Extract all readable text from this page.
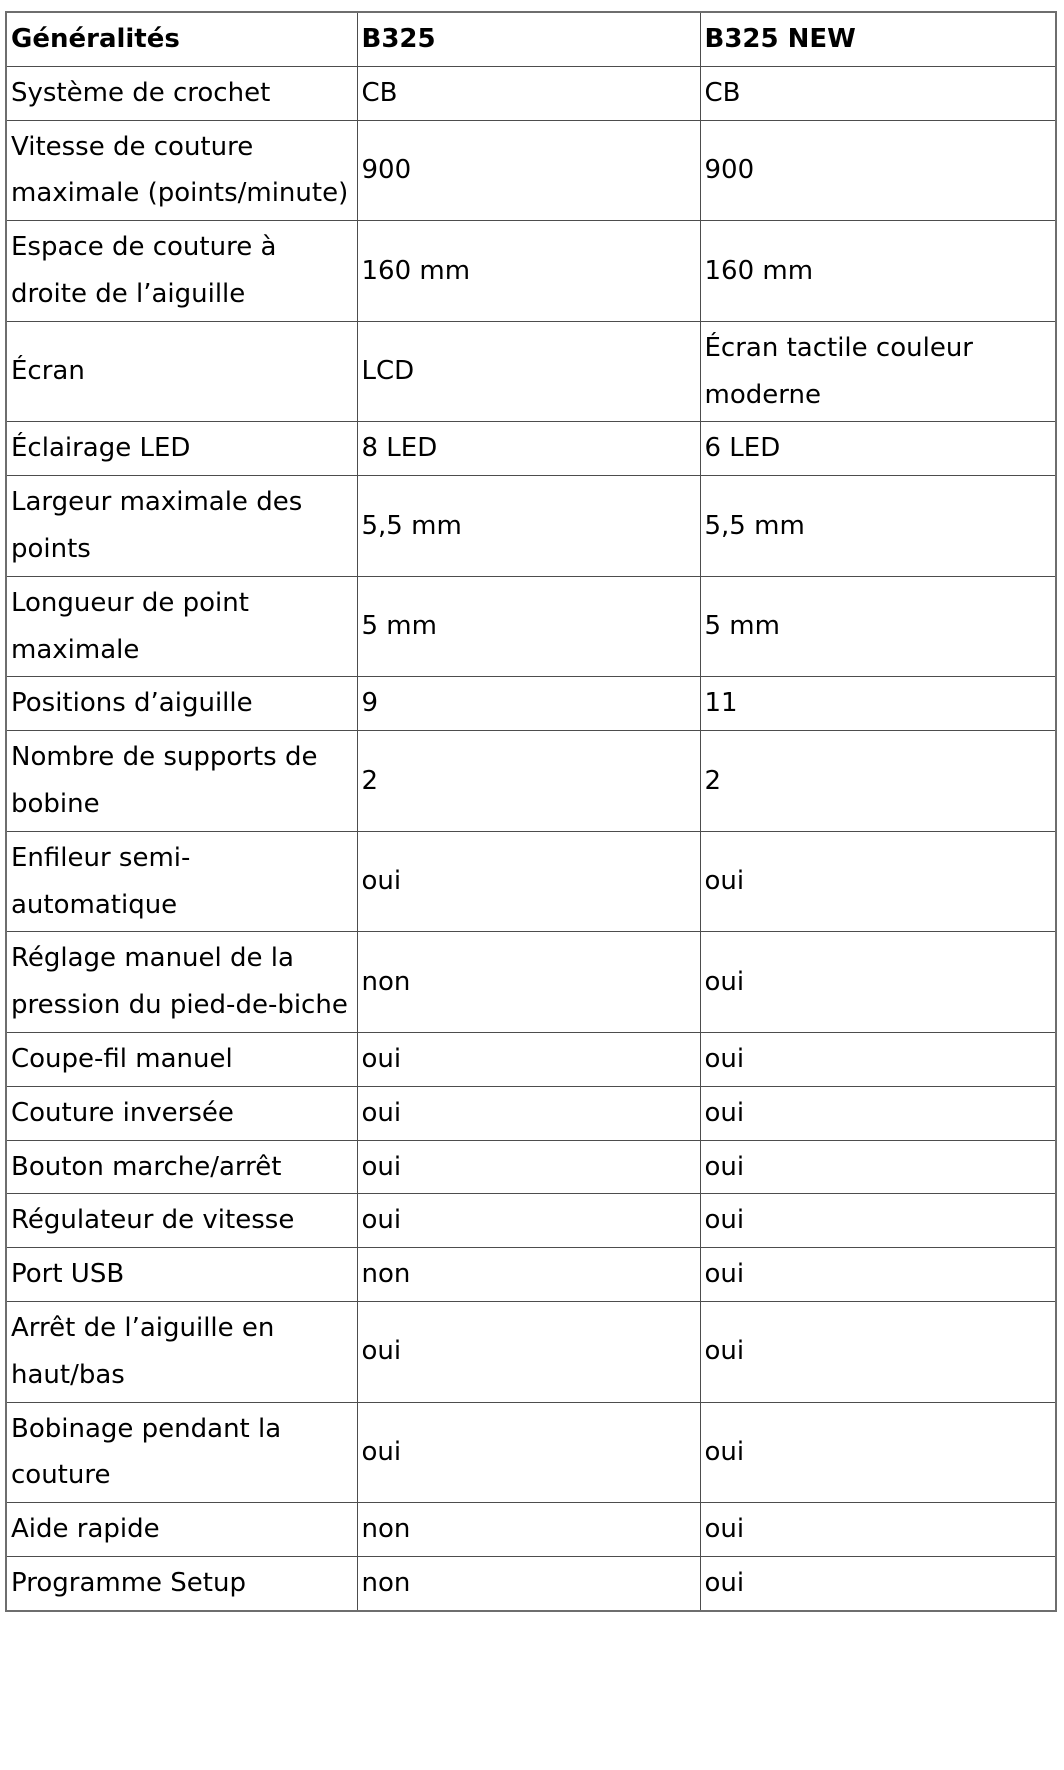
Généralités	B325	B325 NEW
Système de crochet	CB	CB
Vitesse de couture maximale (points/minute)	900	900
Espace de couture à droite de l’aiguille	160 mm	160 mm
Écran	LCD	Écran tactile couleur moderne
Éclairage LED	8 LED	6 LED
Largeur maximale des points	5,5 mm	5,5 mm
Longueur de point maximale	5 mm	5 mm
Positions d’aiguille	9	11
Nombre de supports de bobine	2	2
Enfileur semi-automatique	oui	oui
Réglage manuel de la pression du pied-de-biche	non	oui
Coupe-fil manuel	oui	oui
Couture inversée	oui	oui
Bouton marche/arrêt	oui	oui
Régulateur de vitesse	oui	oui
Port USB	non	oui
Arrêt de l’aiguille en haut/bas	oui	oui
Bobinage pendant la couture	oui	oui
Aide rapide	non	oui
Programme Setup	non	oui
